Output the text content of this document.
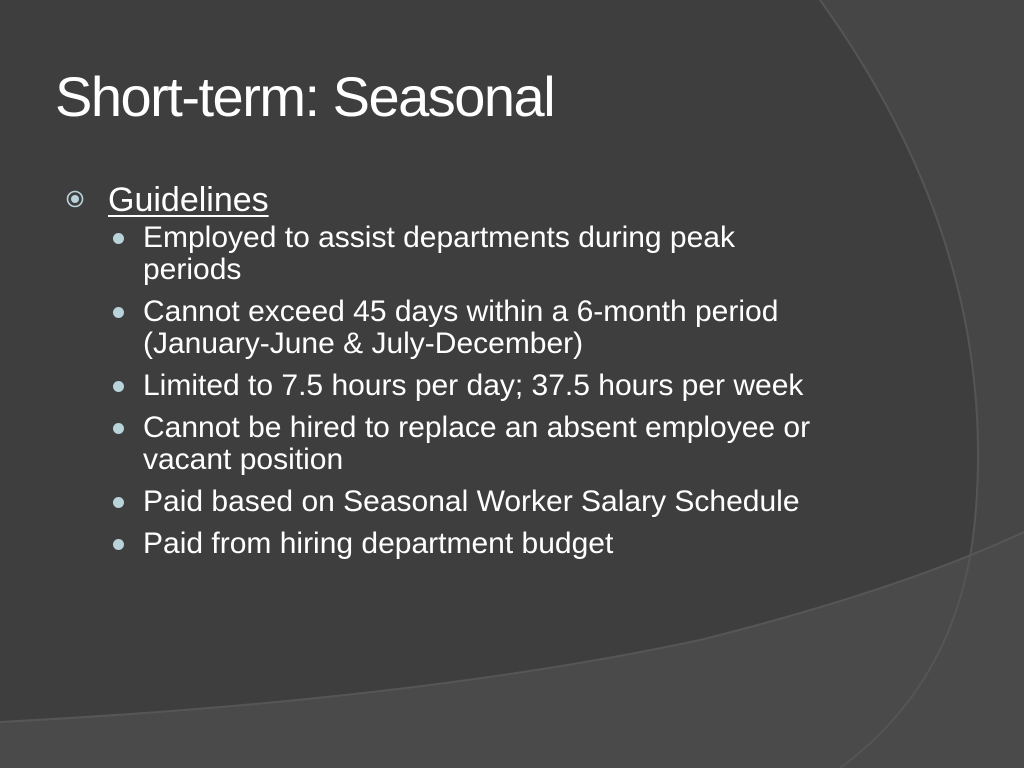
Short-term: Seasonal
Guidelines
Employed to assist departments during peak periods
Cannot exceed 45 days within a 6-month period (January-June & July-December)
Limited to 7.5 hours per day; 37.5 hours per week
Cannot be hired to replace an absent employee or vacant position
Paid based on Seasonal Worker Salary Schedule
Paid from hiring department budget
